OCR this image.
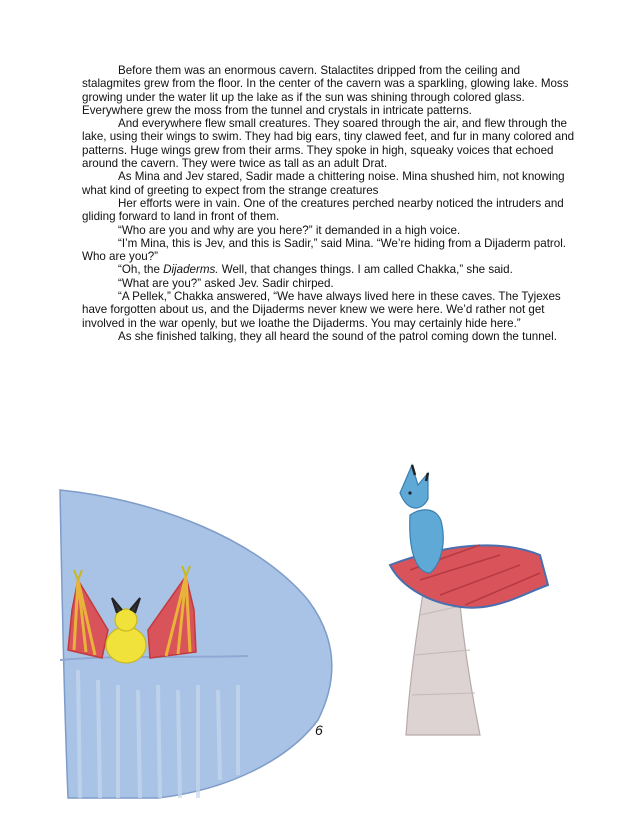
Before them was an enormous cavern. Stalactites dripped from the ceiling and stalagmites grew from the floor. In the center of the cavern was a sparkling, glowing lake. Moss growing under the water lit up the lake as if the sun was shining through colored glass. Everywhere grew the moss from the tunnel and crystals in intricate patterns.

And everywhere flew small creatures. They soared through the air, and flew through the lake, using their wings to swim. They had big ears, tiny clawed feet, and fur in many colored and patterns. Huge wings grew from their arms. They spoke in high, squeaky voices that echoed around the cavern. They were twice as tall as an adult Drat.

As Mina and Jev stared, Sadir made a chittering noise. Mina shushed him, not knowing what kind of greeting to expect from the strange creatures

Her efforts were in vain. One of the creatures perched nearby noticed the intruders and gliding forward to land in front of them.

“Who are you and why are you here?” it demanded in a high voice.

“I’m Mina, this is Jev, and this is Sadir,” said Mina. “We’re hiding from a Dijaderm patrol. Who are you?”

“Oh, the Dijaderms. Well, that changes things. I am called Chakka,” she said.

“What are you?” asked Jev. Sadir chirped.

“A Pellek,” Chakka answered, “We have always lived here in these caves. The Tyjexes have forgotten about us, and the Dijaderms never knew we were here. We’d rather not get involved in the war openly, but we loathe the Dijaderms. You may certainly hide here.”

As she finished talking, they all heard the sound of the patrol coming down the tunnel.

6
